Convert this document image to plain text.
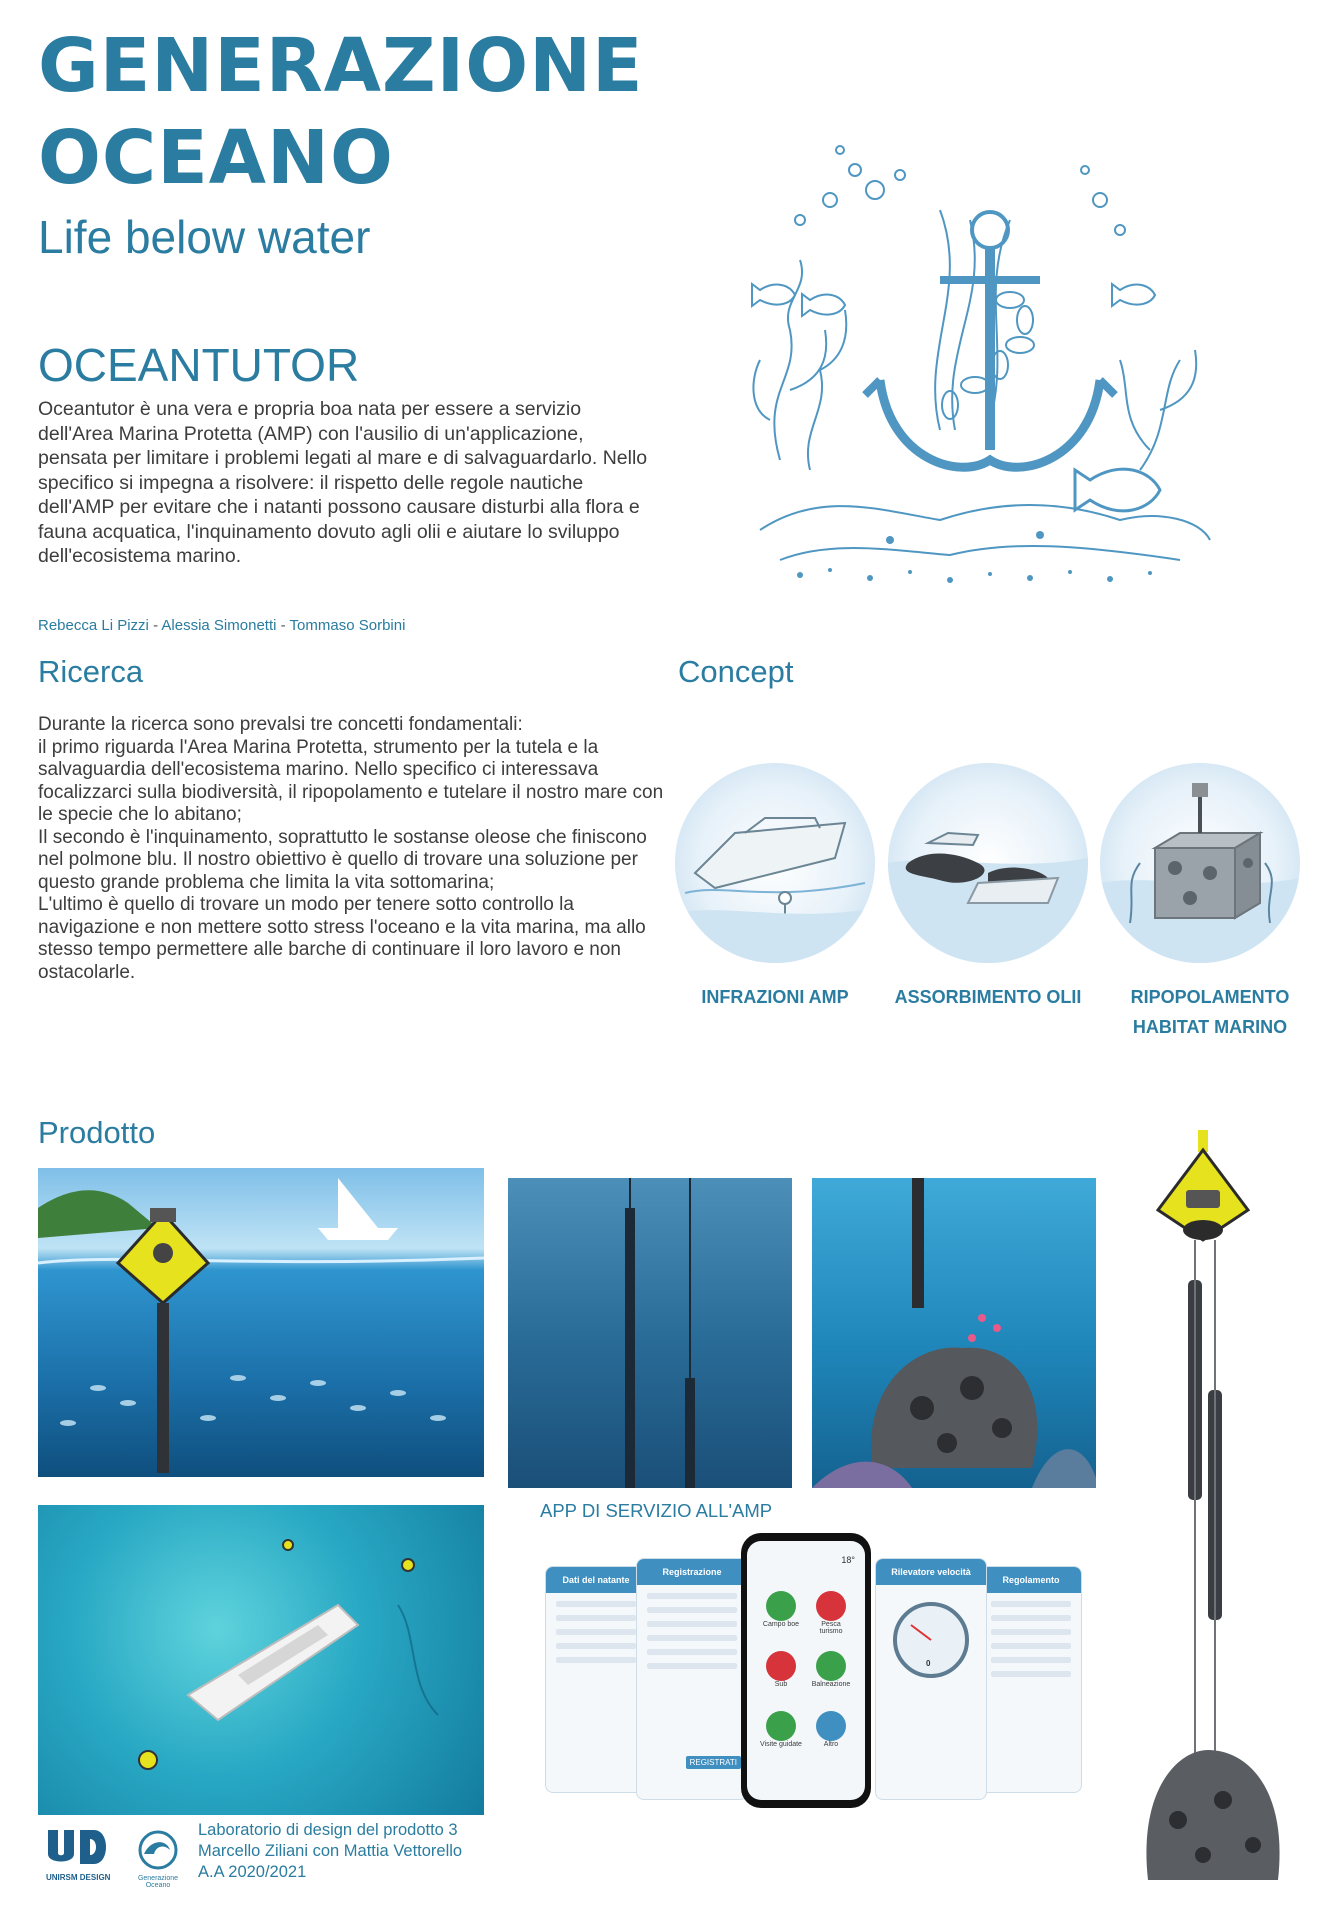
GENERAZIONE
OCEANO
Life below water
OCEANTUTOR
Oceantutor è una vera e propria boa nata per essere a servizio dell'Area Marina Protetta (AMP) con l'ausilio di un'applicazione, pensata per limitare i problemi legati al mare e di salvaguardarlo. Nello specifico si impegna a risolvere: il rispetto delle regole nautiche dell'AMP per evitare che i natanti possono causare disturbi alla flora e fauna acquatica, l'inquinamento dovuto agli olii e aiutare lo sviluppo dell'ecosistema marino.
Rebecca Li Pizzi - Alessia Simonetti - Tommaso Sorbini
Ricerca

Durante la ricerca sono prevalsi tre concetti fondamentali:

il primo riguarda l'Area Marina Protetta, strumento per la tutela e la salvaguardia dell'ecosistema marino. Nello specifico ci interessava focalizzarci sulla biodiversità, il ripopolamento e tutelare il nostro mare con le specie che lo abitano;

Il secondo è l'inquinamento, soprattutto le sostanse oleose che finiscono nel polmone blu. Il nostro obiettivo è quello di trovare una soluzione per questo grande problema che limita la vita sottomarina;

L'ultimo è quello di trovare un modo per tenere sotto controllo la navigazione e non mettere sotto stress l'oceano e la vita marina, ma allo stesso tempo permettere alle barche di continuare il loro lavoro e non ostacolarle.

Concept
INFRAZIONI AMP	ASSORBIMENTO OLII	RIPOPOLAMENTO
HABITAT MARINO
Prodotto
APP DI SERVIZIO ALL'AMP
Dati del natante
Registrazione
REGISTRATI
Rilevatore velocità
0
Regolamento
18°
Campo boe	Pesca turismo
Sub	Balneazione
Visite guidate	Altro
UNIRSM DESIGN	Generazione
Oceano
Laboratorio di design del prodotto 3
Marcello Ziliani con Mattia Vettorello
A.A 2020/2021
